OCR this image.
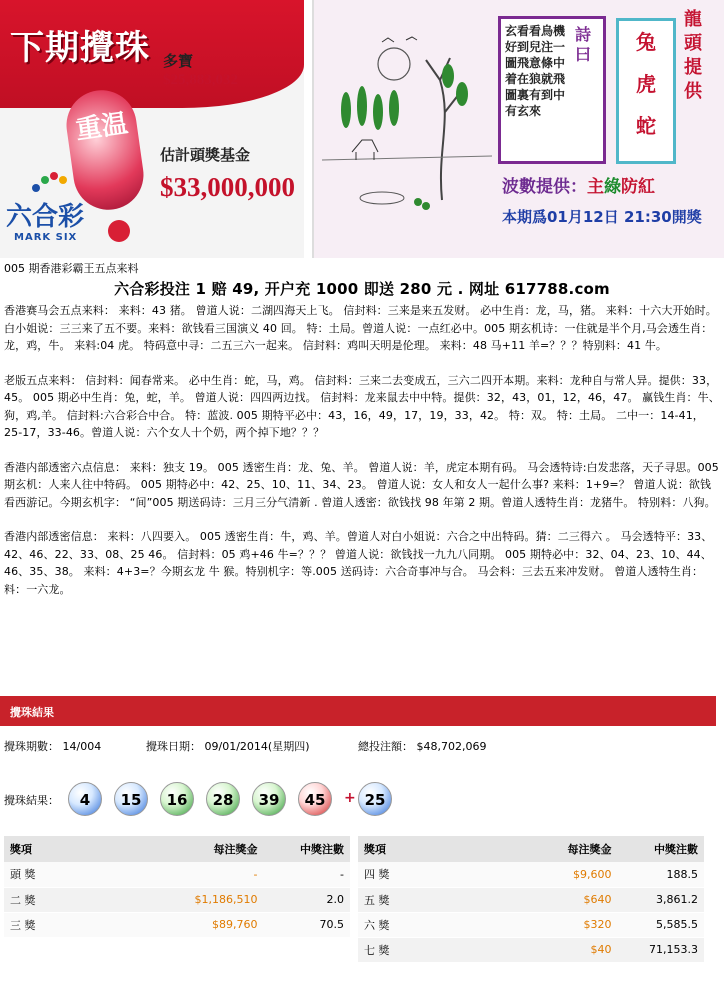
下期攪珠
重温
六合彩
MARK SIX
多寶
$25,883,032
估計頭獎基金
$33,000,000
玄看看烏機好到兒注一圖飛意條中着在狼就飛圖裏有到中有玄來
詩曰
兔
虎
蛇
龍頭提供
波數提供：主綠防紅
本期爲01月12日 21:30開獎
005 期香港彩霸王五点来料
六合彩投注 1 赔 49, 开户充 1000 即送 280 元 . 网址 617788.com
香港赛马会五点来料： 来料：43 猪。 曾道人说：二湖四海天上飞。 信封料：三来是来五发财。 必中生肖：龙，马，猪。 来料：十六大开始时。白小姐说：三三来了五不要。来料：欲钱看三国演义 40 回。 特：土局。曾道人说：一点红必中。005 期玄机诗：一住就是半个月,马会透生肖：龙，鸡，牛。 来料:04 虎。 特码意中寻：二五三六一起来。 信封料：鸡叫天明是伦理。 来料：48 马+11 羊=？？？特别料：41 牛。
老版五点来料： 信封料：闻春常来。 必中生肖：蛇，马，鸡。 信封料：三来二去变成五，三六二四开本期。来料：龙种自与常人异。提供：33，45。 005 期必中生肖：兔，蛇，羊。 曾道人说：四四两边找。 信封料：龙来鼠去中中特。提供：32，43，01，12，46，47。 赢钱生肖：牛、狗，鸡,羊。 信封料:六合彩合中合。 特：蓝波. 005 期特平必中：43，16，49，17，19，33，42。 特：双。 特：土局。 二中一：14-41，25-17，33-46。曾道人说：六个女人十个奶，两个掉下地？？？
香港内部透密六点信息： 来料：独支 19。 005 透密生肖：龙、兔、羊。 曾道人说：羊，虎定本期有码。 马会透特诗:白发悲落，天子寻思。005 期玄机：人来人往中特码。 005 期特必中：42、25、10、11、34、23。 曾道人说：女人和女人一起什么事? 来料：1+9=？ 曾道人说：欲钱看西游记。今期玄机字： “间”005 期送码诗：三月三分气清新 . 曾道人透密：欲钱找 98 年第 2 期。曾道人透特生肖：龙猪牛。 特别料：八狗。
香港内部透密信息： 来料：八四要入。 005 透密生肖：牛，鸡、羊。曾道人对白小姐说：六合之中出特码。猜：二三得六 。 马会透特平：33、42、46、22、33、08、25 46。 信封料：05 鸡+46 牛=？？？ 曾道人说：欲钱找一九九八同期。 005 期特必中：32、04、23、10、44、46、35、38。 来料：4+3=？今期玄龙 牛 猴。特别机字：等.005 送码诗：六合奇事冲与合。 马会料：三去五来冲发财。 曾道人透特生肖：料：一六龙。
攪珠結果
攪珠期數： 14/004	攪珠日期： 09/01/2014(星期四)	總投注額： $48,702,069
攪珠結果：	4	15	16	28	39	45	+ 25
獎項	每注獎金	中獎注數
頭 獎	-	-
二 獎	$1,186,510	2.0
三 獎	$89,760	70.5
獎項	每注獎金	中獎注數
四 獎	$9,600	188.5
五 獎	$640	3,861.2
六 獎	$320	5,585.5
七 獎	$40	71,153.3
